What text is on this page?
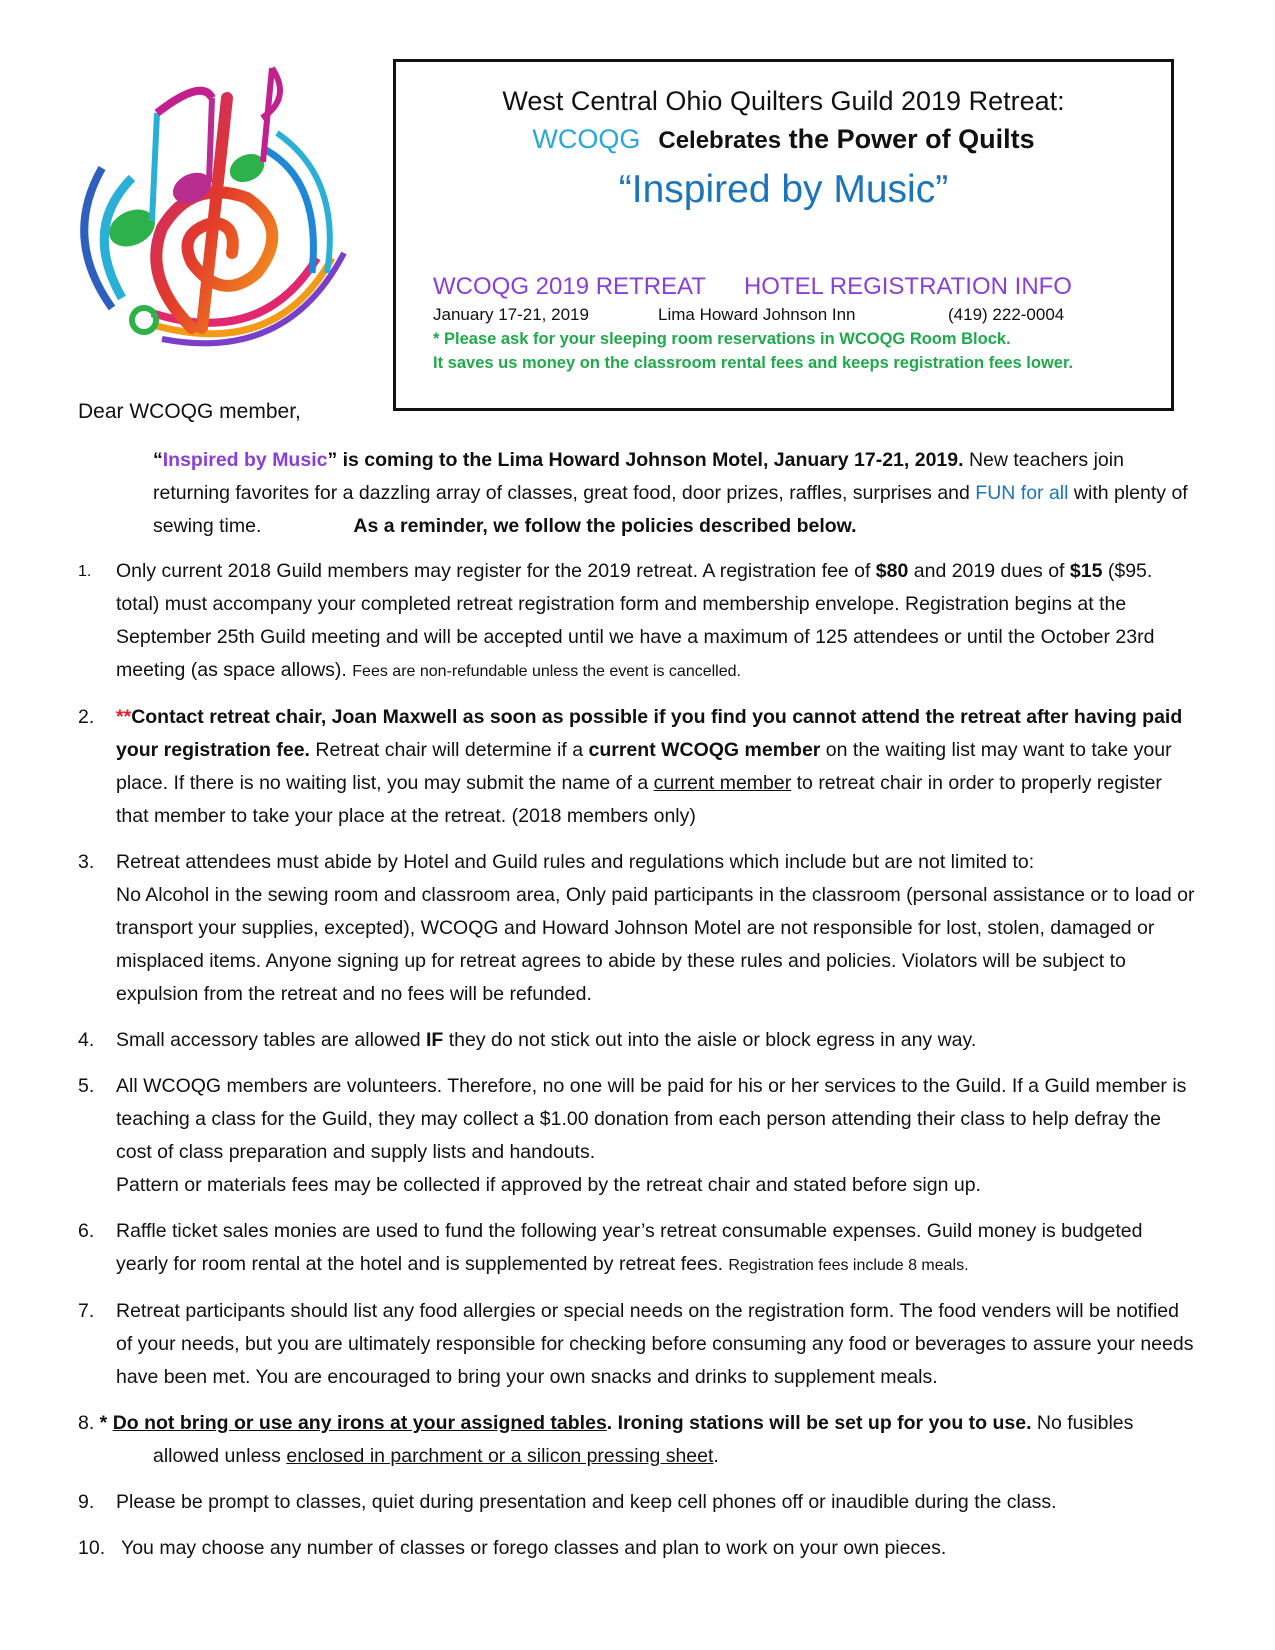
West Central Ohio Quilters Guild 2019 Retreat:
WCOQG Celebrates the Power of Quilts
“Inspired by Music”
WCOQG 2019 RETREAT HOTEL REGISTRATION INFO
January 17-21, 2019	Lima Howard Johnson Inn	(419) 222-0004
* Please ask for your sleeping room reservations in WCOQG Room Block.
It saves us money on the classroom rental fees and keeps registration fees lower.
Dear WCOQG member,
“Inspired by Music” is coming to the Lima Howard Johnson Motel, January 17-21, 2019. New teachers join returning favorites for a dazzling array of classes, great food, door prizes, raffles, surprises and FUN for all with plenty of sewing time.	As a reminder, we follow the policies described below.
1. Only current 2018 Guild members may register for the 2019 retreat. A registration fee of $80 and 2019 dues of $15 ($95. total) must accompany your completed retreat registration form and membership envelope. Registration begins at the September 25th Guild meeting and will be accepted until we have a maximum of 125 attendees or until the October 23rd meeting (as space allows). Fees are non-refundable unless the event is cancelled.
2. **Contact retreat chair, Joan Maxwell as soon as possible if you find you cannot attend the retreat after having paid your registration fee. Retreat chair will determine if a current WCOQG member on the waiting list may want to take your place. If there is no waiting list, you may submit the name of a current member to retreat chair in order to properly register that member to take your place at the retreat. (2018 members only)
3. Retreat attendees must abide by Hotel and Guild rules and regulations which include but are not limited to:
No Alcohol in the sewing room and classroom area, Only paid participants in the classroom (personal assistance or to load or transport your supplies, excepted), WCOQG and Howard Johnson Motel are not responsible for lost, stolen, damaged or misplaced items. Anyone signing up for retreat agrees to abide by these rules and policies. Violators will be subject to expulsion from the retreat and no fees will be refunded.
4. Small accessory tables are allowed IF they do not stick out into the aisle or block egress in any way.
5. All WCOQG members are volunteers. Therefore, no one will be paid for his or her services to the Guild. If a Guild member is teaching a class for the Guild, they may collect a $1.00 donation from each person attending their class to help defray the cost of class preparation and supply lists and handouts.
Pattern or materials fees may be collected if approved by the retreat chair and stated before sign up.
6. Raffle ticket sales monies are used to fund the following year’s retreat consumable expenses. Guild money is budgeted yearly for room rental at the hotel and is supplemented by retreat fees. Registration fees include 8 meals.
7. Retreat participants should list any food allergies or special needs on the registration form. The food venders will be notified of your needs, but you are ultimately responsible for checking before consuming any food or beverages to assure your needs have been met. You are encouraged to bring your own snacks and drinks to supplement meals.
8. * Do not bring or use any irons at your assigned tables. Ironing stations will be set up for you to use. No fusibles
allowed unless enclosed in parchment or a silicon pressing sheet.
9. Please be prompt to classes, quiet during presentation and keep cell phones off or inaudible during the class.
10. You may choose any number of classes or forego classes and plan to work on your own pieces.
